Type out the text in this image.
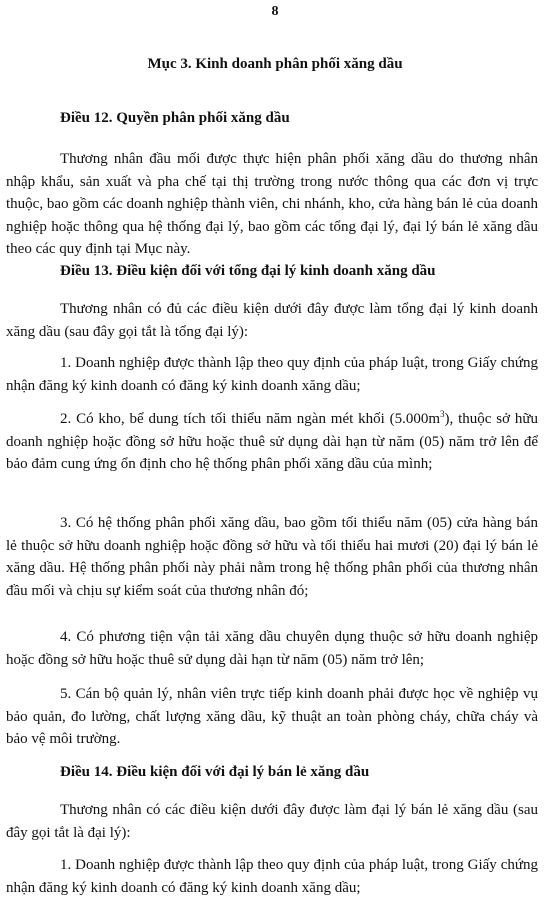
8
Mục 3. Kinh doanh phân phối xăng dầu
Điều 12. Quyền phân phối xăng dầu

Thương nhân đầu mối được thực hiện phân phối xăng dầu do thương nhân nhập khẩu, sản xuất và pha chế tại thị trường trong nước thông qua các đơn vị trực thuộc, bao gồm các doanh nghiệp thành viên, chi nhánh, kho, cửa hàng bán lẻ của doanh nghiệp hoặc thông qua hệ thống đại lý, bao gồm các tổng đại lý, đại lý bán lẻ xăng dầu theo các quy định tại Mục này.

Điều 13. Điều kiện đối với tổng đại lý kinh doanh xăng dầu

Thương nhân có đủ các điều kiện dưới đây được làm tổng đại lý kinh doanh xăng dầu (sau đây gọi tắt là tổng đại lý):

1. Doanh nghiệp được thành lập theo quy định của pháp luật, trong Giấy chứng nhận đăng ký kinh doanh có đăng ký kinh doanh xăng dầu;

2. Có kho, bể dung tích tối thiểu năm ngàn mét khối $(5.000m^3)$, thuộc sở hữu doanh nghiệp hoặc đồng sở hữu hoặc thuê sử dụng dài hạn từ năm (05) năm trở lên để bảo đảm cung ứng ổn định cho hệ thống phân phối xăng dầu của mình;

3. Có hệ thống phân phối xăng dầu, bao gồm tối thiểu năm (05) cửa hàng bán lẻ thuộc sở hữu doanh nghiệp hoặc đồng sở hữu và tối thiểu hai mươi (20) đại lý bán lẻ xăng dầu. Hệ thống phân phối này phải nằm trong hệ thống phân phối của thương nhân đầu mối và chịu sự kiểm soát của thương nhân đó;

4. Có phương tiện vận tải xăng dầu chuyên dụng thuộc sở hữu doanh nghiệp hoặc đồng sở hữu hoặc thuê sử dụng dài hạn từ năm (05) năm trở lên;

5. Cán bộ quản lý, nhân viên trực tiếp kinh doanh phải được học về nghiệp vụ bảo quản, đo lường, chất lượng xăng dầu, kỹ thuật an toàn phòng cháy, chữa cháy và bảo vệ môi trường.

Điều 14. Điều kiện đối với đại lý bán lẻ xăng dầu

Thương nhân có các điều kiện dưới đây được làm đại lý bán lẻ xăng dầu (sau đây gọi tắt là đại lý):

1. Doanh nghiệp được thành lập theo quy định của pháp luật, trong Giấy chứng nhận đăng ký kinh doanh có đăng ký kinh doanh xăng dầu;
